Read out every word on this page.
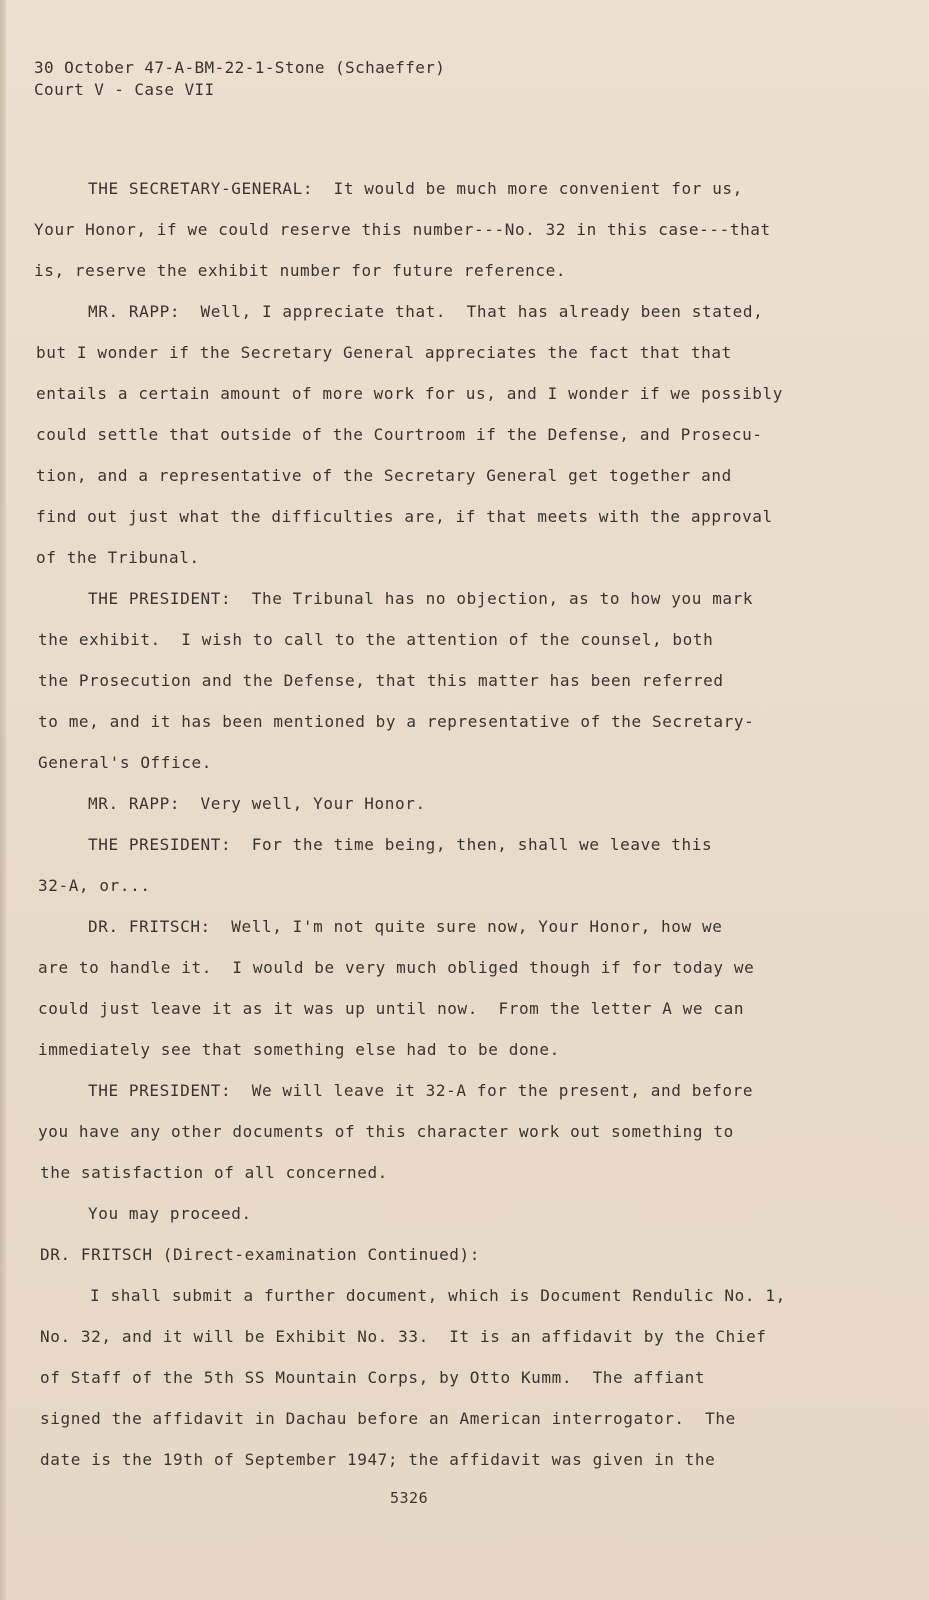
30 October 47-A-BM-22-1-Stone (Schaeffer)
Court V - Case VII
THE SECRETARY-GENERAL:  It would be much more convenient for us,
Your Honor, if we could reserve this number---No. 32 in this case---that
is, reserve the exhibit number for future reference.
MR. RAPP:  Well, I appreciate that.  That has already been stated,
but I wonder if the Secretary General appreciates the fact that that
entails a certain amount of more work for us, and I wonder if we possibly
could settle that outside of the Courtroom if the Defense, and Prosecu-
tion, and a representative of the Secretary General get together and
find out just what the difficulties are, if that meets with the approval
of the Tribunal.
THE PRESIDENT:  The Tribunal has no objection, as to how you mark
the exhibit.  I wish to call to the attention of the counsel, both
the Prosecution and the Defense, that this matter has been referred
to me, and it has been mentioned by a representative of the Secretary-
General's Office.
MR. RAPP:  Very well, Your Honor.
THE PRESIDENT:  For the time being, then, shall we leave this
32-A, or...
DR. FRITSCH:  Well, I'm not quite sure now, Your Honor, how we
are to handle it.  I would be very much obliged though if for today we
could just leave it as it was up until now.  From the letter A we can
immediately see that something else had to be done.
THE PRESIDENT:  We will leave it 32-A for the present, and before
you have any other documents of this character work out something to
the satisfaction of all concerned.
You may proceed.
DR. FRITSCH (Direct-examination Continued):
I shall submit a further document, which is Document Rendulic No. 1,
No. 32, and it will be Exhibit No. 33.  It is an affidavit by the Chief
of Staff of the 5th SS Mountain Corps, by Otto Kumm.  The affiant
signed the affidavit in Dachau before an American interrogator.  The
date is the 19th of September 1947; the affidavit was given in the
5326
